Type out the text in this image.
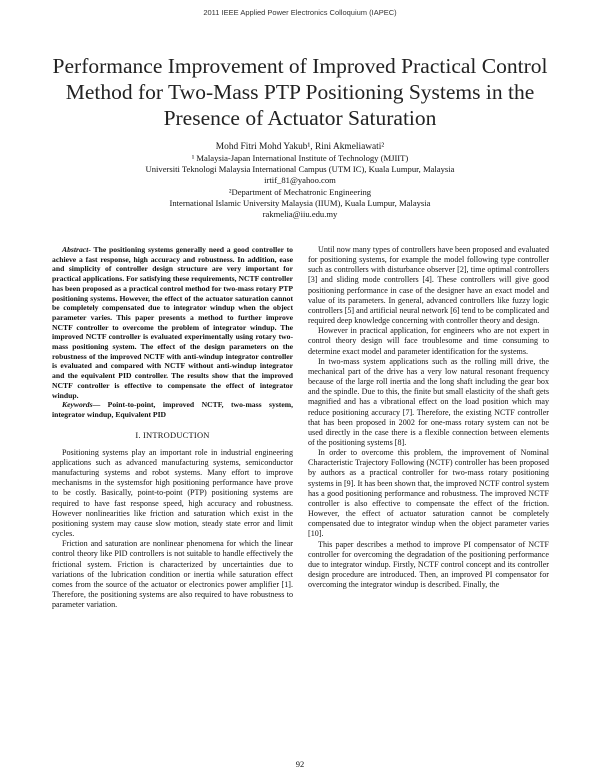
2011 IEEE Applied Power Electronics Colloquium (IAPEC)
Performance Improvement of Improved Practical Control Method for Two-Mass PTP Positioning Systems in the Presence of Actuator Saturation
Mohd Fitri Mohd Yakub¹, Rini Akmeliawati²
¹ Malaysia-Japan International Institute of Technology (MJIIT)
Universiti Teknologi Malaysia International Campus (UTM IC), Kuala Lumpur, Malaysia
irtif_81@yahoo.com
²Department of Mechatronic Engineering
International Islamic University Malaysia (IIUM), Kuala Lumpur, Malaysia
rakmelia@iiu.edu.my

Abstract- The positioning systems generally need a good controller to achieve a fast response, high accuracy and robustness. In addition, ease and simplicity of controller design structure are very important for practical applications. For satisfying these requirements, NCTF controller has been proposed as a practical control method for two-mass rotary PTP positioning systems. However, the effect of the actuator saturation cannot be completely compensated due to integrator windup when the object parameter varies. This paper presents a method to further improve NCTF controller to overcome the problem of integrator windup. The improved NCTF controller is evaluated experimentally using rotary two-mass positioning system. The effect of the design parameters on the robustness of the improved NCTF with anti-windup integrator controller is evaluated and compared with NCTF without anti-windup integrator and the equivalent PID controller. The results show that the improved NCTF controller is effective to compensate the effect of integrator windup.

Keywords— Point-to-point, improved NCTF, two-mass system, integrator windup, Equivalent PID

I. INTRODUCTION

Positioning systems play an important role in industrial engineering applications such as advanced manufacturing systems, semiconductor manufacturing systems and robot systems. Many effort to improve mechanisms in the systemsfor high positioning performance have prove to be costly. Basically, point-to-point (PTP) positioning systems are required to have fast response speed, high accuracy and robustness. However nonlinearities like friction and saturation which exist in the positioning system may cause slow motion, steady state error and limit cycles.

Friction and saturation are nonlinear phenomena for which the linear control theory like PID controllers is not suitable to handle effectively the frictional system. Friction is characterized by uncertainties due to variations of the lubrication condition or inertia while saturation effect comes from the source of the actuator or electronics power amplifier [1]. Therefore, the positioning systems are also required to have robustness to parameter variation.

Until now many types of controllers have been proposed and evaluated for positioning systems, for example the model following type controller such as controllers with disturbance observer [2], time optimal controllers [3] and sliding mode controllers [4]. These controllers will give good positioning performance in case of the designer have an exact model and value of its parameters. In general, advanced controllers like fuzzy logic controllers [5] and artificial neural network [6] tend to be complicated and required deep knowledge concerning with controller theory and design.

However in practical application, for engineers who are not expert in control theory design will face troublesome and time consuming to determine exact model and parameter identification for the systems.

In two-mass system applications such as the rolling mill drive, the mechanical part of the drive has a very low natural resonant frequency because of the large roll inertia and the long shaft including the gear box and the spindle. Due to this, the finite but small elasticity of the shaft gets magnified and has a vibrational effect on the load position which may reduce positioning accuracy [7]. Therefore, the existing NCTF controller that has been proposed in 2002 for one-mass rotary system can not be used directly in the case there is a flexible connection between elements of the positioning systems [8].

In order to overcome this problem, the improvement of Nominal Characteristic Trajectory Following (NCTF) controller has been proposed by authors as a practical controller for two-mass rotary positioning systems in [9]. It has been shown that, the improved NCTF control system has a good positioning performance and robustness. The improved NCTF controller is also effective to compensate the effect of the friction. However, the effect of actuator saturation cannot be completely compensated due to integrator windup when the object parameter varies [10].

This paper describes a method to improve PI compensator of NCTF controller for overcoming the degradation of the positioning performance due to integrator windup. Firstly, NCTF control concept and its controller design procedure are introduced. Then, an improved PI compensator for overcoming the integrator windup is described. Finally, the

92
